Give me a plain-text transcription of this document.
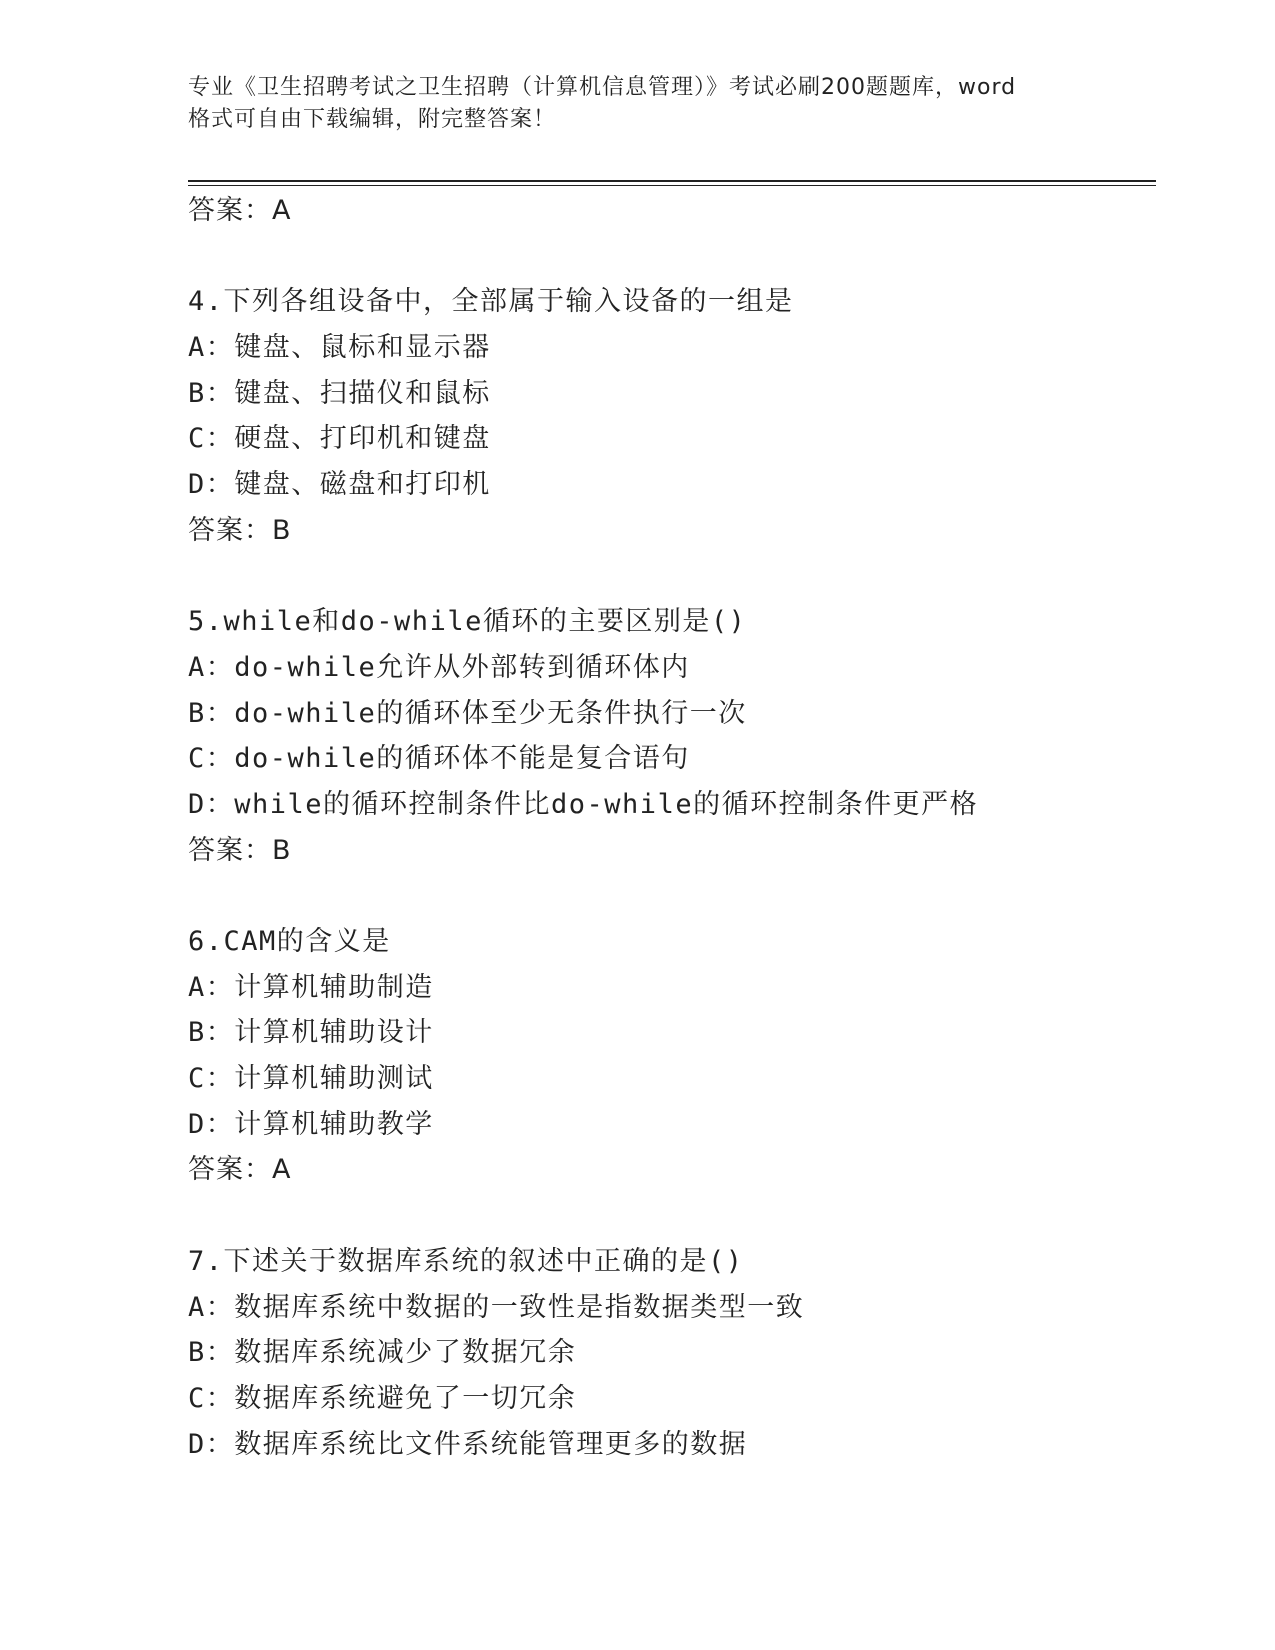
专业《卫生招聘考试之卫生招聘（计算机信息管理）》考试必刷200题题库，word
格式可自由下载编辑，附完整答案！
答案：A
4.下列各组设备中，全部属于输入设备的一组是
A：键盘、鼠标和显示器
B：键盘、扫描仪和鼠标
C：硬盘、打印机和键盘
D：键盘、磁盘和打印机
答案：B
5.while和do-while循环的主要区别是()
A：do-while允许从外部转到循环体内
B：do-while的循环体至少无条件执行一次
C：do-while的循环体不能是复合语句
D：while的循环控制条件比do-while的循环控制条件更严格
答案：B
6.CAM的含义是
A：计算机辅助制造
B：计算机辅助设计
C：计算机辅助测试
D：计算机辅助教学
答案：A
7.下述关于数据库系统的叙述中正确的是()
A：数据库系统中数据的一致性是指数据类型一致
B：数据库系统减少了数据冗余
C：数据库系统避免了一切冗余
D：数据库系统比文件系统能管理更多的数据
